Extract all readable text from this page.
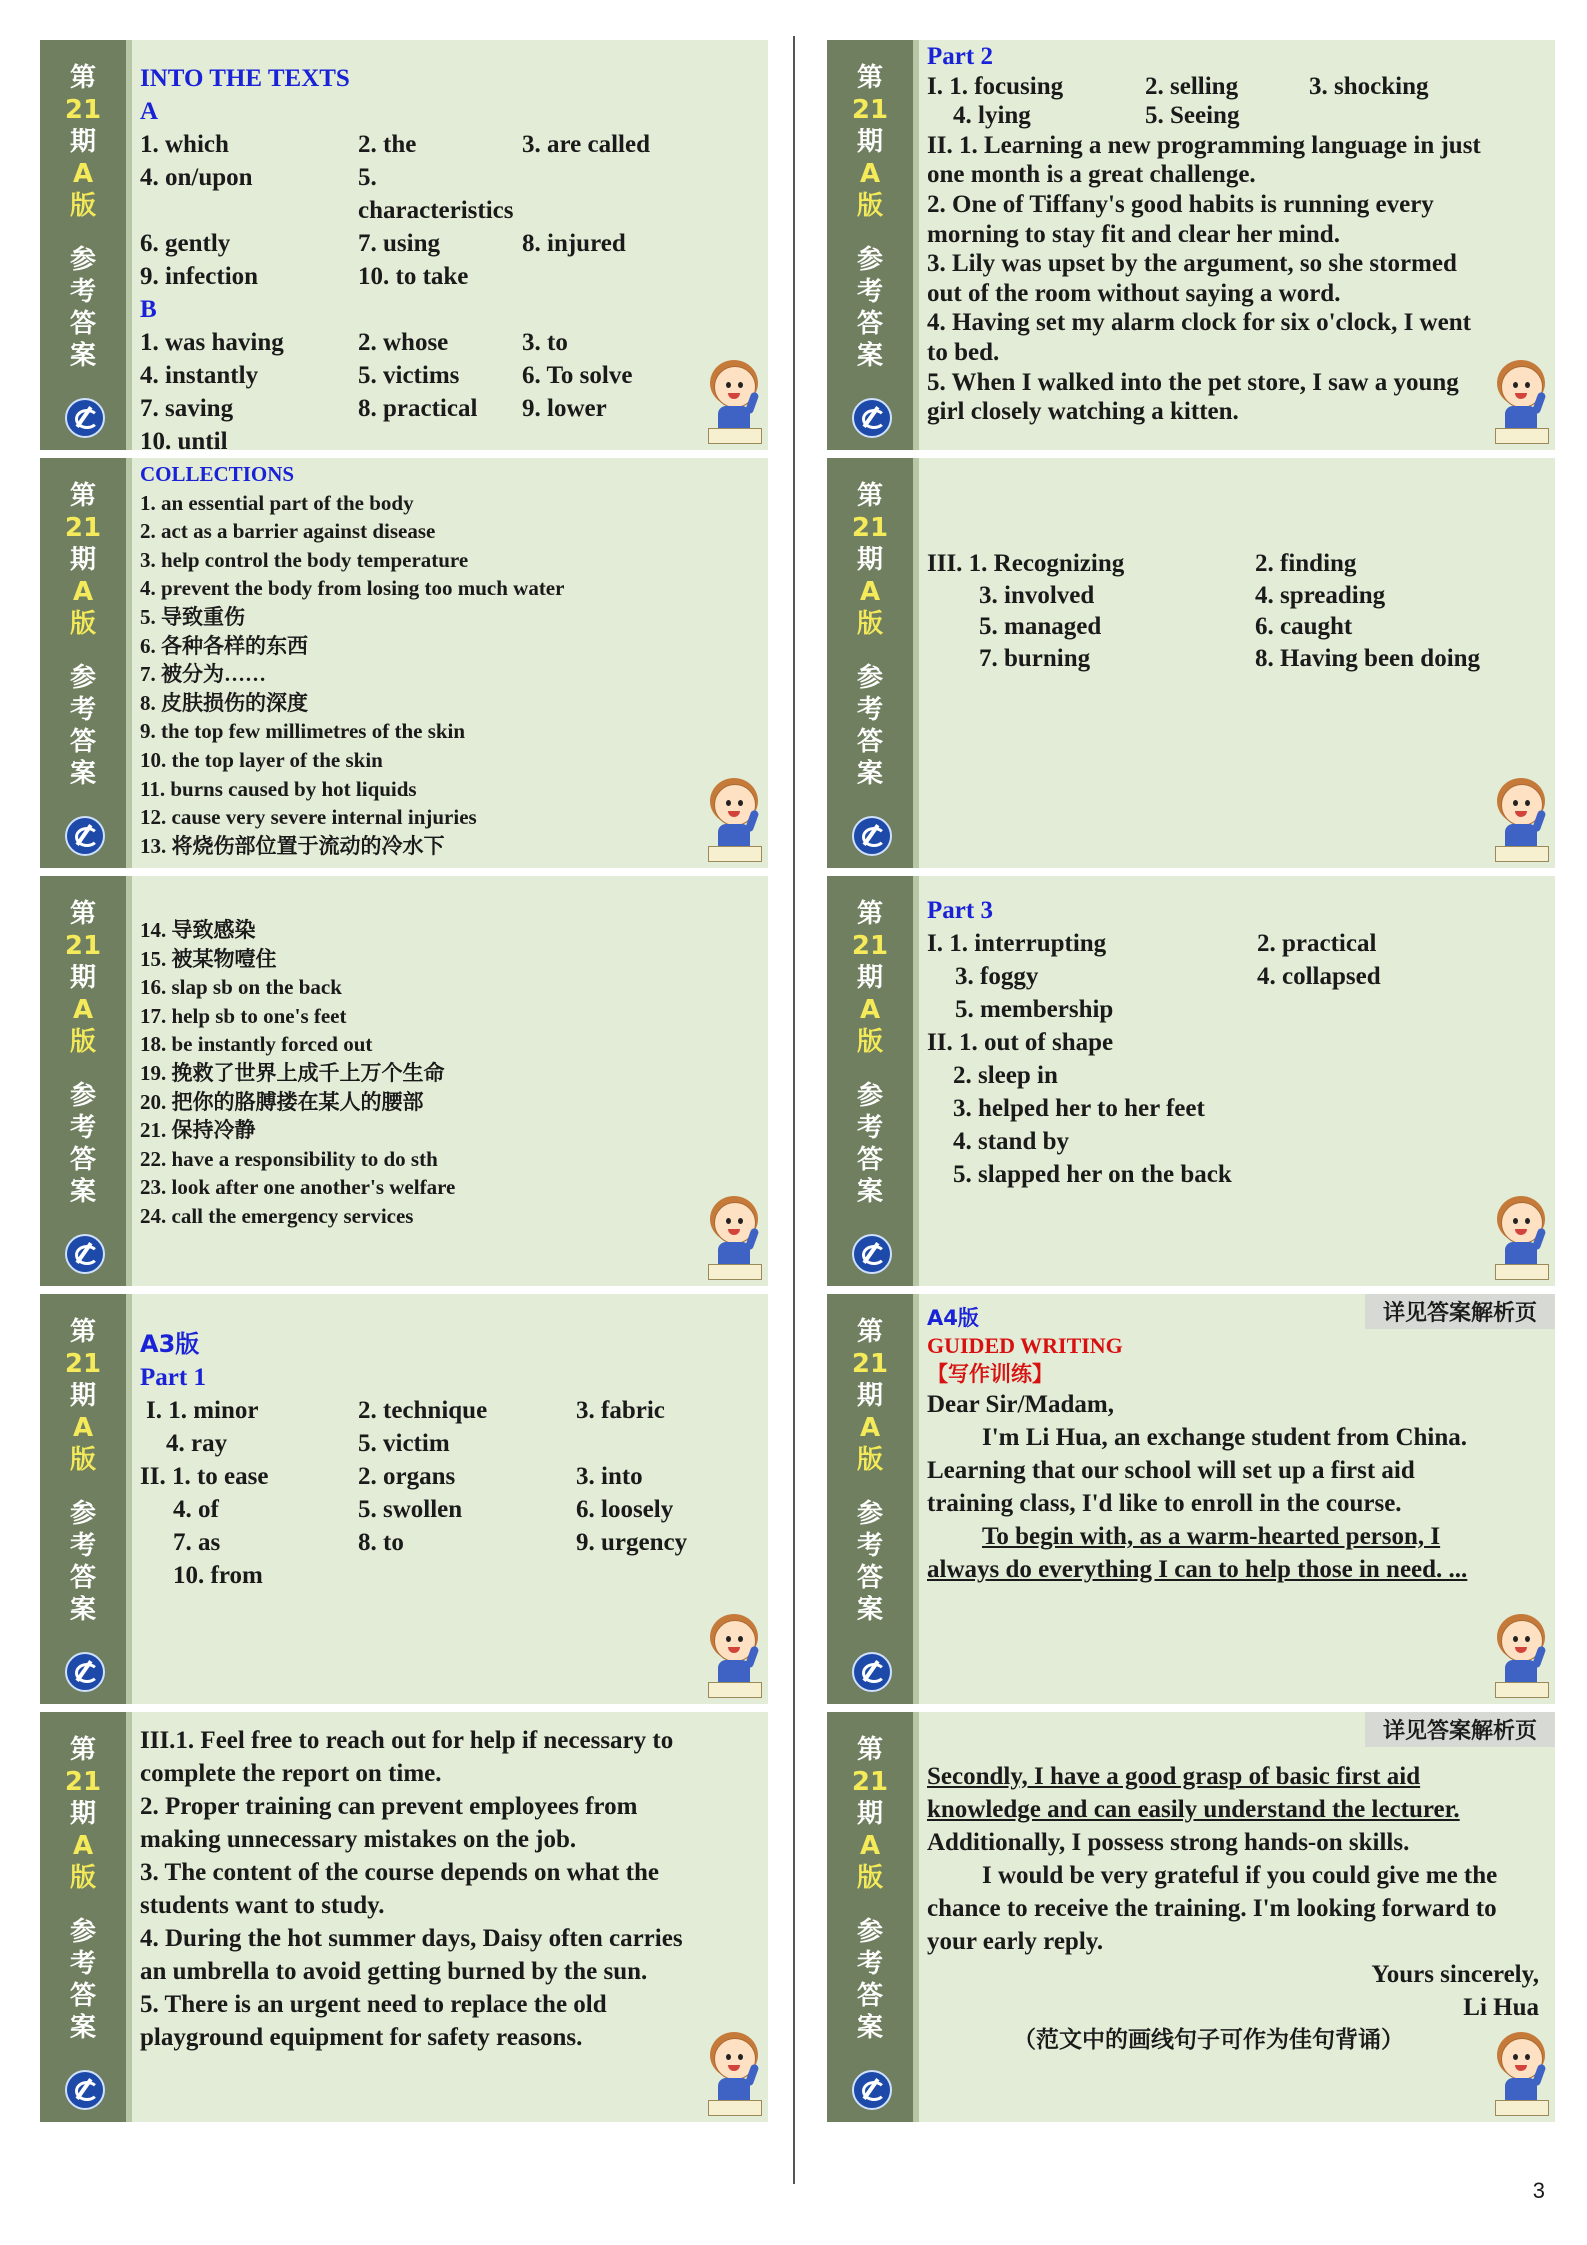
第
21
期
A
版
参
考
答
案
INTO THE TEXTS
A
1. which	2. the	3. are called
4. on/upon	5. characteristics
6. gently	7. using	8. injured
9. infection	10. to take
B
1. was having	2. whose	3. to
4. instantly	5. victims	6. To solve
7. saving	8. practical	9. lower
10. until
第
21
期
A
版
参
考
答
案
COLLECTIONS
1. an essential part of the body
2. act as a barrier against disease
3. help control the body temperature
4. prevent the body from losing too much water
5. 导致重伤
6. 各种各样的东西
7. 被分为……
8. 皮肤损伤的深度
9. the top few millimetres of the skin
10. the top layer of the skin
11. burns caused by hot liquids
12. cause very severe internal injuries
13. 将烧伤部位置于流动的冷水下
第
21
期
A
版
参
考
答
案
14. 导致感染
15. 被某物噎住
16. slap sb on the back
17. help sb to one's feet
18. be instantly forced out
19. 挽救了世界上成千上万个生命
20. 把你的胳膊搂在某人的腰部
21. 保持冷静
22. have a responsibility to do sth
23. look after one another's welfare
24. call the emergency services
第
21
期
A
版
参
考
答
案
A3版
Part 1
I. 1. minor	2. technique	3. fabric
4. ray	5. victim
II. 1. to ease	2. organs	3. into
4. of	5. swollen	6. loosely
7. as	8. to	9. urgency
10. from
第
21
期
A
版
参
考
答
案
III.1. Feel free to reach out for help if necessary to
complete the report on time.
2. Proper training can prevent employees from
making unnecessary mistakes on the job.
3. The content of the course depends on what the
students want to study.
4. During the hot summer days, Daisy often carries
an umbrella to avoid getting burned by the sun.
5. There is an urgent need to replace the old
playground equipment for safety reasons.
第
21
期
A
版
参
考
答
案
Part 2
I. 1. focusing	2. selling	3. shocking
4. lying	5. Seeing
II. 1. Learning a new programming language in just
one month is a great challenge.
2. One of Tiffany's good habits is running every
morning to stay fit and clear her mind.
3. Lily was upset by the argument, so she stormed
out of the room without saying a word.
4. Having set my alarm clock for six o'clock, I went
to bed.
5. When I walked into the pet store, I saw a young
girl closely watching a kitten.
第
21
期
A
版
参
考
答
案
III. 1. Recognizing	2. finding
3. involved	4. spreading
5. managed	6. caught
7. burning	8. Having been doing
第
21
期
A
版
参
考
答
案
Part 3
I. 1. interrupting	2. practical
3. foggy	4. collapsed
5. membership
II. 1. out of shape
2. sleep in
3. helped her to her feet
4. stand by
5. slapped her on the back
第
21
期
A
版
参
考
答
案
详见答案解析页
A4版
GUIDED WRITING
【写作训练】
Dear Sir/Madam,
I'm Li Hua, an exchange student from China.
Learning that our school will set up a first aid
training class, I'd like to enroll in the course.
To begin with, as a warm-hearted person, I
always do everything I can to help those in need. ...
第
21
期
A
版
参
考
答
案
详见答案解析页
Secondly, I have a good grasp of basic first aid
knowledge and can easily understand the lecturer.
Additionally, I possess strong hands-on skills.
I would be very grateful if you could give me the
chance to receive the training. I'm looking forward to
your early reply.
Yours sincerely,
Li Hua
（范文中的画线句子可作为佳句背诵）
3
